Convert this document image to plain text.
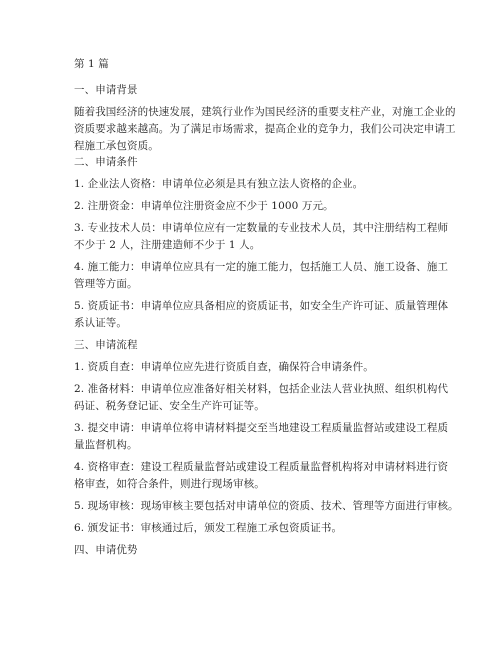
第 1 篇
一、申请背景
随着我国经济的快速发展，建筑行业作为国民经济的重要支柱产业，对施工企业的
资质要求越来越高。为了满足市场需求，提高企业的竞争力，我们公司决定申请工
程施工承包资质。
二、申请条件
1. 企业法人资格：申请单位必须是具有独立法人资格的企业。
2. 注册资金：申请单位注册资金应不少于 1000 万元。
3. 专业技术人员：申请单位应有一定数量的专业技术人员，其中注册结构工程师
不少于 2 人，注册建造师不少于 1 人。
4. 施工能力：申请单位应具有一定的施工能力，包括施工人员、施工设备、施工
管理等方面。
5. 资质证书：申请单位应具备相应的资质证书，如安全生产许可证、质量管理体
系认证等。
三、申请流程
1. 资质自查：申请单位应先进行资质自查，确保符合申请条件。
2. 准备材料：申请单位应准备好相关材料，包括企业法人营业执照、组织机构代
码证、税务登记证、安全生产许可证等。
3. 提交申请：申请单位将申请材料提交至当地建设工程质量监督站或建设工程质
量监督机构。
4. 资格审查：建设工程质量监督站或建设工程质量监督机构将对申请材料进行资
格审查，如符合条件，则进行现场审核。
5. 现场审核：现场审核主要包括对申请单位的资质、技术、管理等方面进行审核。
6. 颁发证书：审核通过后，颁发工程施工承包资质证书。
四、申请优势
